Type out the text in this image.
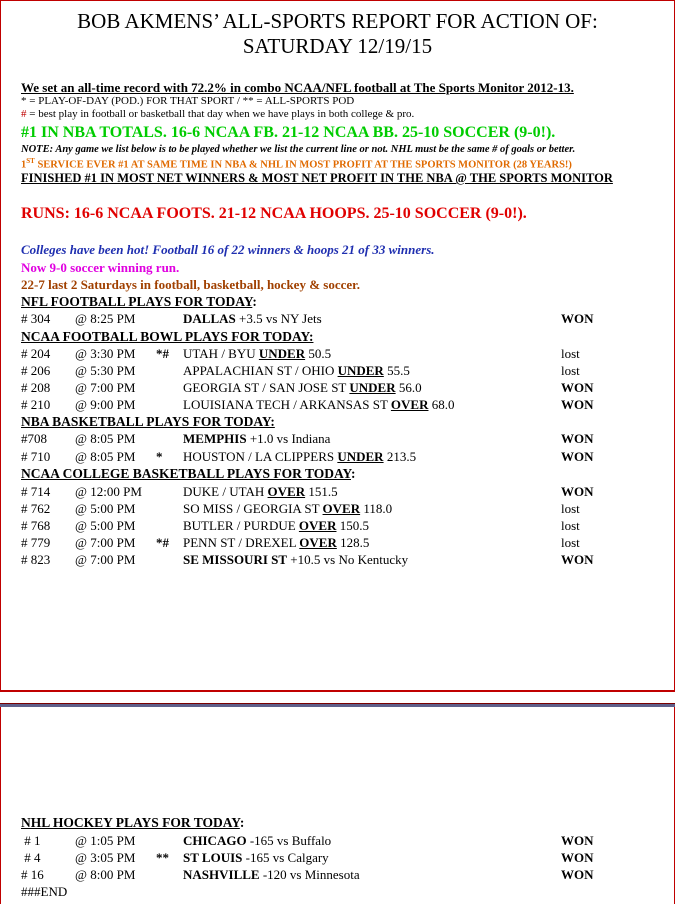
BOB AKMENS’ ALL-SPORTS REPORT FOR ACTION OF:
SATURDAY 12/19/15
We set an all-time record with 72.2% in combo NCAA/NFL football at The Sports Monitor 2012-13.
* = PLAY-OF-DAY (POD.) FOR THAT SPORT / ** = ALL-SPORTS POD
# = best play in football or basketball that day when we have plays in both college & pro.
#1 IN NBA TOTALS. 16-6 NCAA FB. 21-12 NCAA BB. 25-10 SOCCER (9-0!).
NOTE: Any game we list below is to be played whether we list the current line or not. NHL must be the same # of goals or better.
1ST SERVICE EVER #1 AT SAME TIME IN NBA & NHL IN MOST PROFIT AT THE SPORTS MONITOR (28 YEARS!)
FINISHED #1 IN MOST NET WINNERS & MOST NET PROFIT IN THE NBA @ THE SPORTS MONITOR
RUNS: 16-6 NCAA FOOTS. 21-12 NCAA HOOPS. 25-10 SOCCER (9-0!).
Colleges have been hot! Football 16 of 22 winners & hoops 21 of 33 winners.
Now 9-0 soccer winning run.
22-7 last 2 Saturdays in football, basketball, hockey & soccer.
NFL FOOTBALL PLAYS FOR TODAY:
# 304 @ 8:25 PM	DALLAS +3.5 vs NY Jets	WON
NCAA FOOTBALL BOWL PLAYS FOR TODAY:
# 204 @ 3:30 PM *# UTAH / BYU UNDER 50.5	lost
# 206 @ 5:30 PM	APPALACHIAN ST / OHIO UNDER 55.5	lost
# 208 @ 7:00 PM	GEORGIA ST / SAN JOSE ST UNDER 56.0	WON
# 210 @ 9:00 PM	LOUISIANA TECH / ARKANSAS ST OVER 68.0	WON
NBA BASKETBALL PLAYS FOR TODAY:
#708 @ 8:05 PM	MEMPHIS +1.0 vs Indiana	WON
# 710 @ 8:05 PM * HOUSTON / LA CLIPPERS UNDER 213.5	WON
NCAA COLLEGE BASKETBALL PLAYS FOR TODAY:
# 714 @ 12:00 PM	DUKE / UTAH OVER 151.5	WON
# 762 @ 5:00 PM	SO MISS / GEORGIA ST OVER 118.0	lost
# 768 @ 5:00 PM	BUTLER / PURDUE OVER 150.5	lost
# 779 @ 7:00 PM *# PENN ST / DREXEL OVER 128.5	lost
# 823 @ 7:00 PM	SE MISSOURI ST +10.5 vs No Kentucky	WON
NHL HOCKEY PLAYS FOR TODAY:
# 1	@ 1:05 PM	CHICAGO -165 vs Buffalo	WON
# 4	@ 3:05 PM ** ST LOUIS -165 vs Calgary	WON
# 16 @ 8:00 PM	NASHVILLE -120 vs Minnesota	WON
###END
